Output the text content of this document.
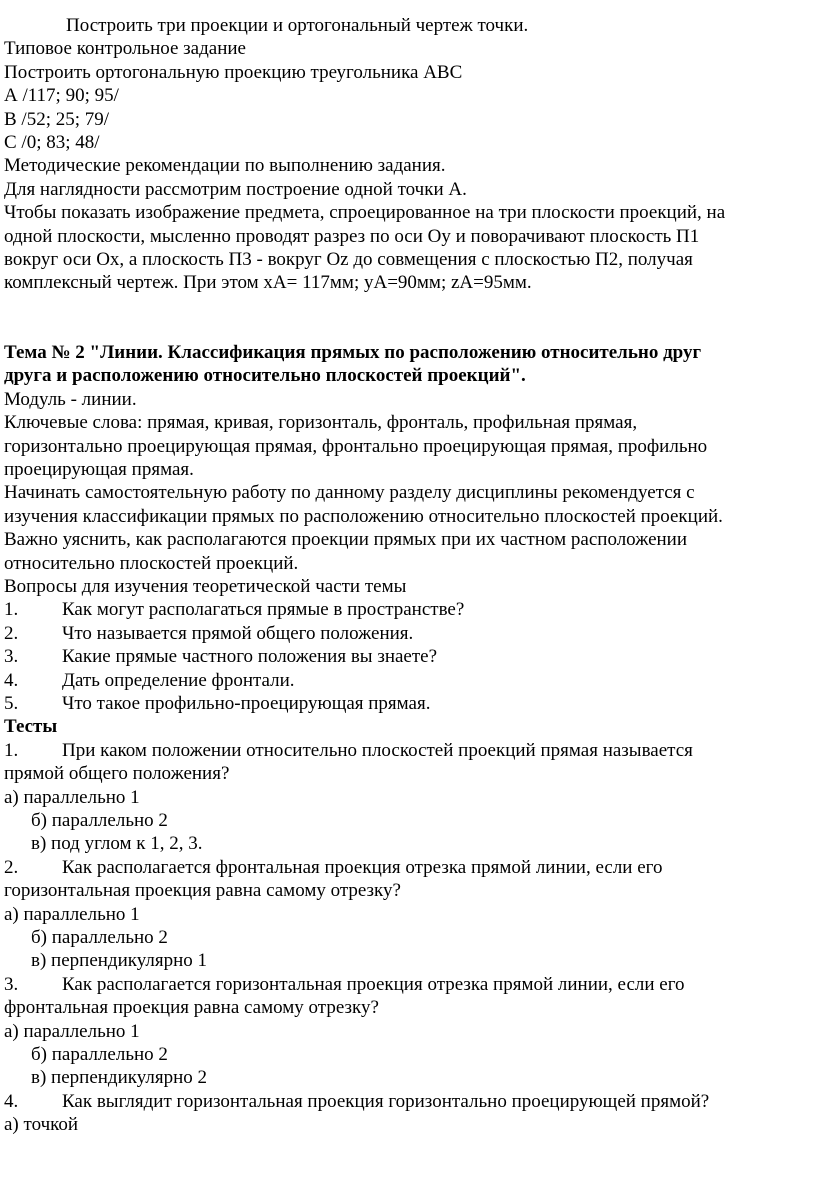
Построить три проекции и ортогональный чертеж точки.
Типовое контрольное задание
Построить ортогональную проекцию треугольника АВС
А /117; 90; 95/
В /52; 25; 79/
С /0; 83; 48/
Методические рекомендации по выполнению задания.
Для наглядности рассмотрим построение одной точки А.
Чтобы показать изображение предмета, спроецированное на три плоскости проекций, на
одной плоскости, мысленно проводят разрез по оси Оу и поворачивают плоскость П1
вокруг оси Ох, а плоскость П3 - вокруг Оz до совмещения с плоскостью П2, получая
комплексный чертеж. При этом хА= 117мм; уА=90мм; zA=95мм.
Тема № 2 "Линии. Классификация прямых по расположению относительно друг
друга и расположению относительно плоскостей проекций".
Модуль - линии.
Ключевые слова: прямая, кривая, горизонталь, фронталь, профильная прямая,
горизонтально проецирующая прямая, фронтально проецирующая прямая, профильно
проецирующая прямая.
Начинать самостоятельную работу по данному разделу дисциплины рекомендуется с
изучения классификации прямых по расположению относительно плоскостей проекций.
Важно уяснить, как располагаются проекции прямых при их частном расположении
относительно плоскостей проекций.
Вопросы для изучения теоретической части темы
1. Как могут располагаться прямые в пространстве?
2. Что называется прямой общего положения.
3. Какие прямые частного положения вы знаете?
4. Дать определение фронтали.
5. Что такое профильно-проецирующая прямая.
Тесты
1. При каком положении относительно плоскостей проекций прямая называется
прямой общего положения?
а) параллельно 1
б) параллельно 2
в) под углом к 1, 2, 3.
2. Как располагается фронтальная проекция отрезка прямой линии, если его
горизонтальная проекция равна самому отрезку?
а) параллельно 1
б) параллельно 2
в) перпендикулярно 1
3. Как располагается горизонтальная проекция отрезка прямой линии, если его
фронтальная проекция равна самому отрезку?
а) параллельно 1
б) параллельно 2
в) перпендикулярно 2
4. Как выглядит горизонтальная проекция горизонтально проецирующей прямой?
а) точкой
